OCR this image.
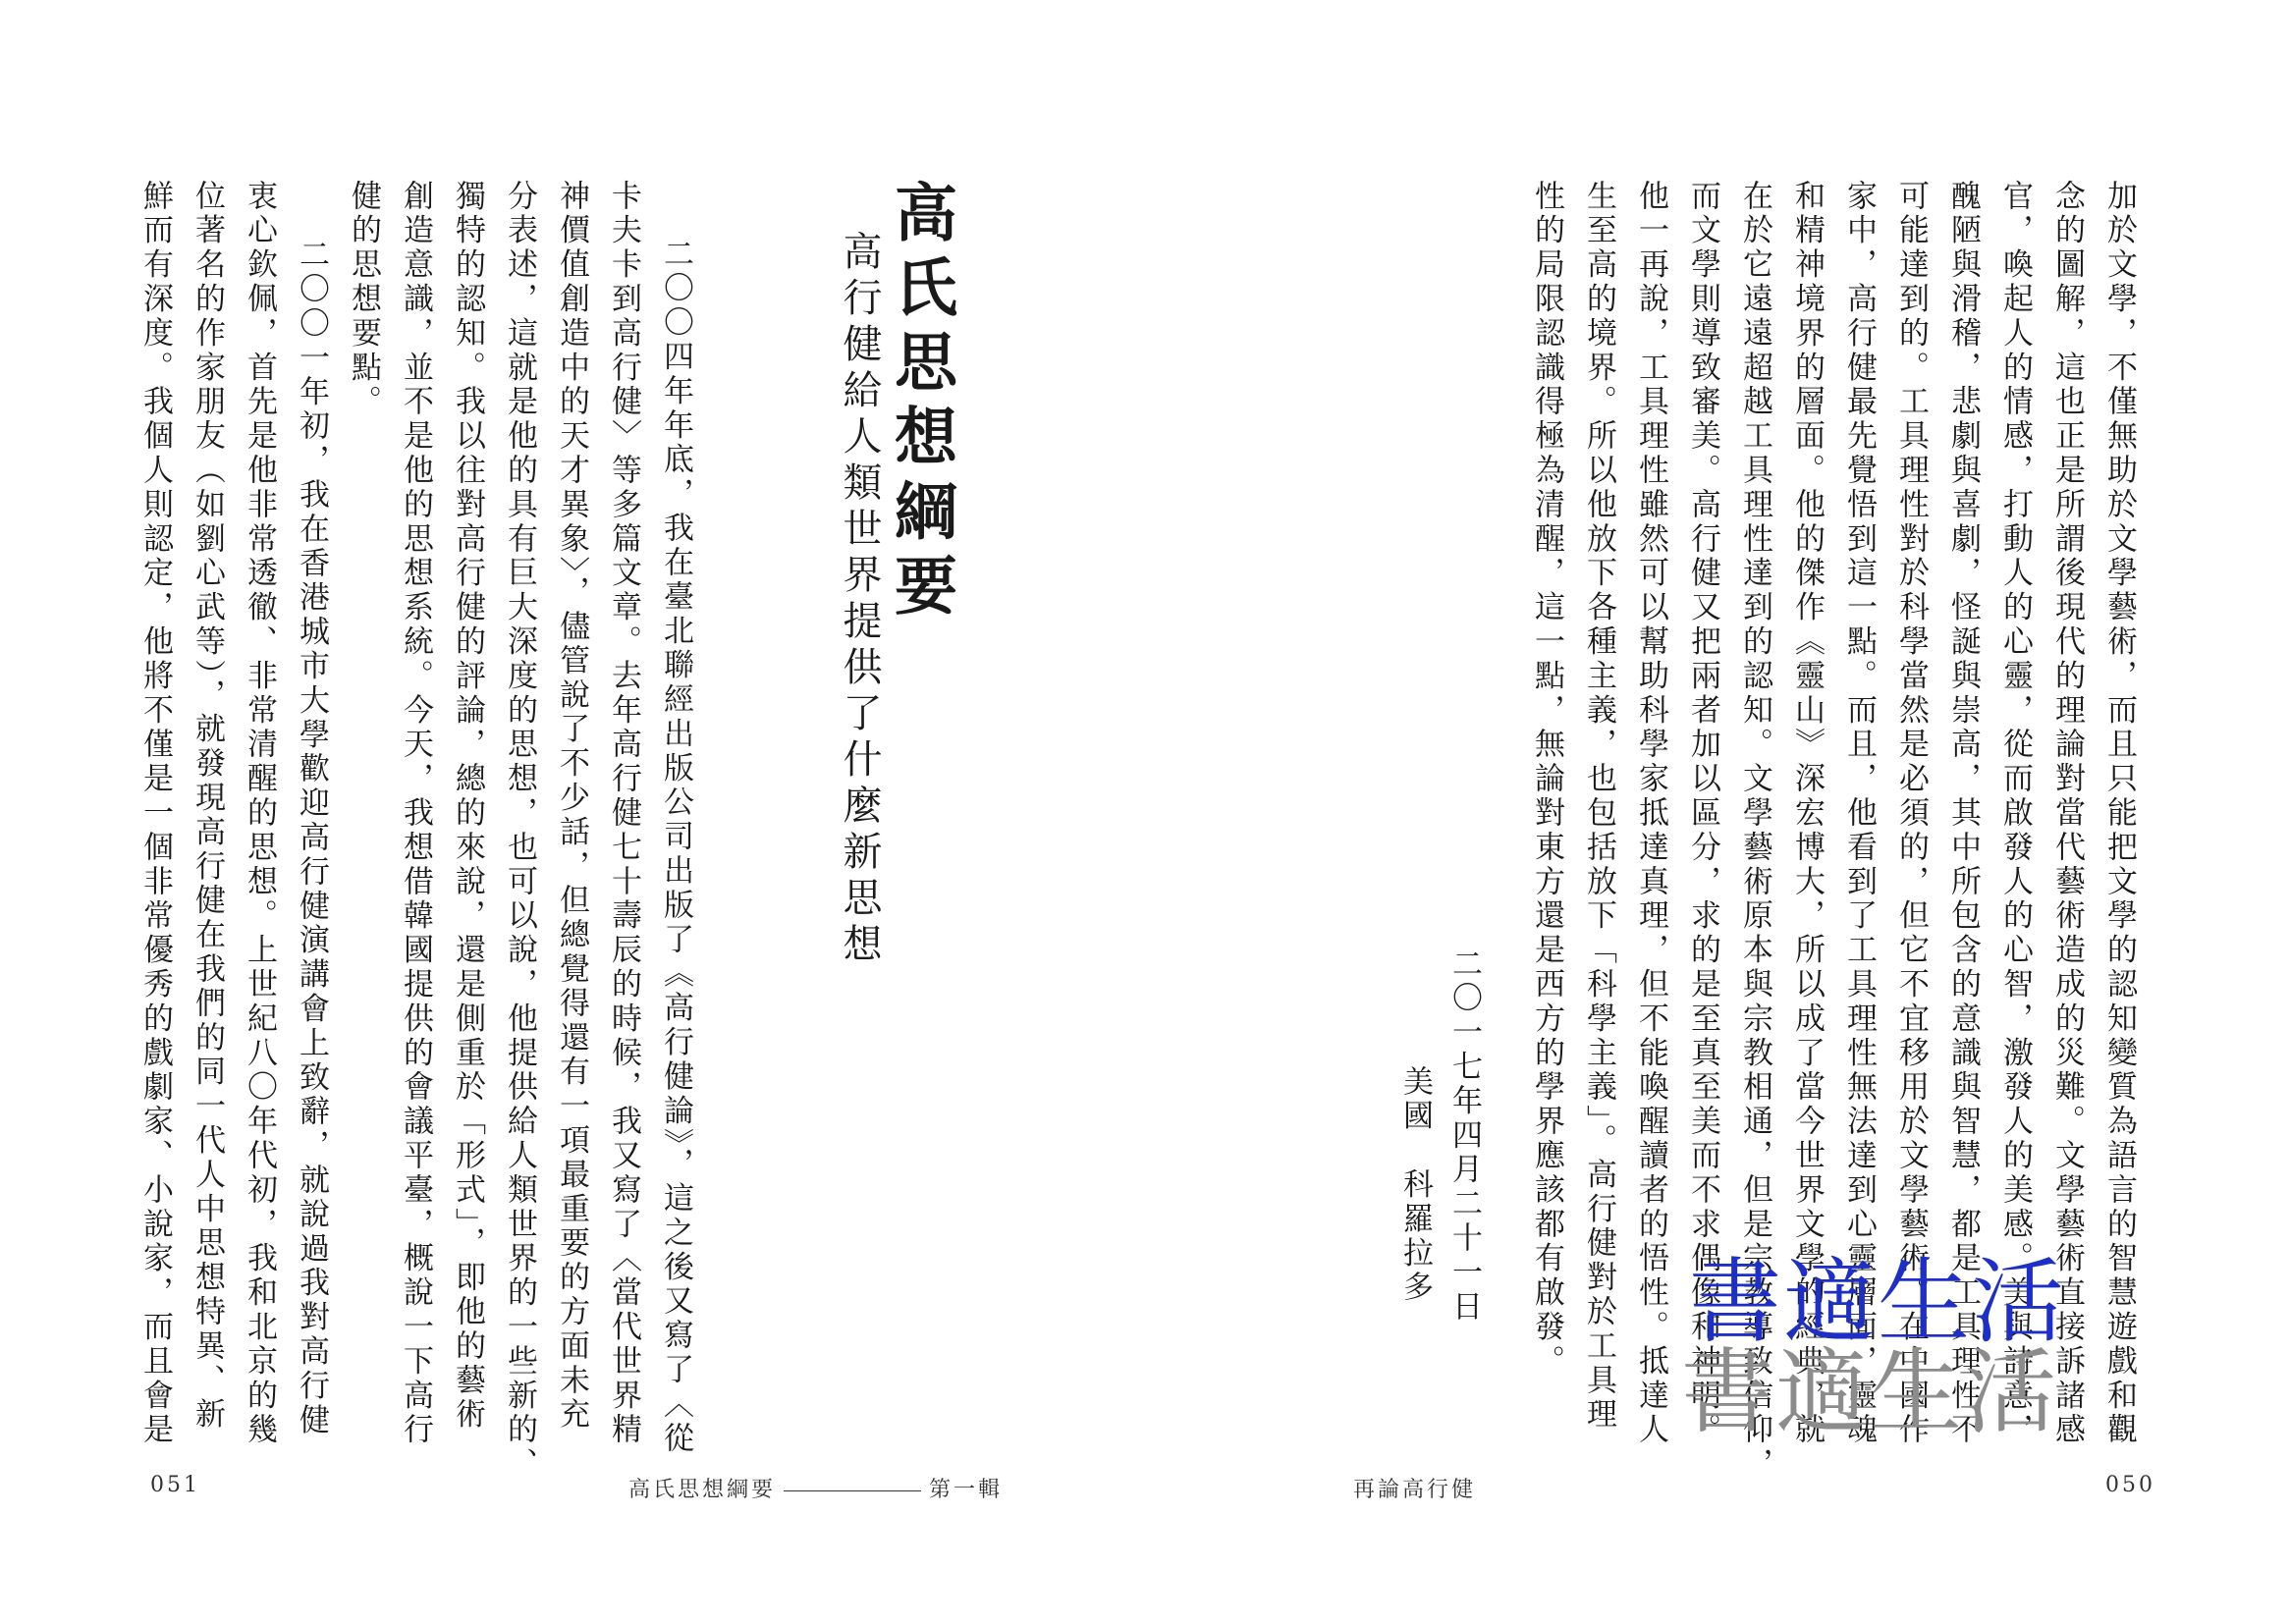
加於文學，不僅無助於文學藝術，而且只能把文學的認知變質為語言的智慧遊戲和觀
念的圖解，這也正是所謂後現代的理論對當代藝術造成的災難。文學藝術直接訴諸感
官，喚起人的情感，打動人的心靈，從而啟發人的心智，激發人的美感。美與詩意，
醜陋與滑稽，悲劇與喜劇，怪誕與崇高，其中所包含的意識與智慧，都是工具理性不
可能達到的。工具理性對於科學當然是必須的，但它不宜移用於文學藝術。在中國作
家中，高行健最先覺悟到這一點。而且，他看到了工具理性無法達到心靈層面，靈魂
和精神境界的層面。他的傑作《靈山》深宏博大，所以成了當今世界文學的經典，就
在於它遠遠超越工具理性達到的認知。文學藝術原本與宗教相通，但是宗教導致信仰，
而文學則導致審美。高行健又把兩者加以區分，求的是至真至美而不求偶像和神明。
他一再說，工具理性雖然可以幫助科學家抵達真理，但不能喚醒讀者的悟性。抵達人
生至高的境界。所以他放下各種主義，也包括放下「科學主義」。高行健對於工具理
性的局限認識得極為清醒，這一點，無論對東方還是西方的學界應該都有啟發。
二〇一七年四月二十一日
美國　科羅拉多
再論高行健	050
高氏思想綱要
高行健給人類世界提供了什麼新思想
二〇〇四年年底，我在臺北聯經出版公司出版了《高行健論》，這之後又寫了〈從
卡夫卡到高行健〉等多篇文章。去年高行健七十壽辰的時候，我又寫了〈當代世界精
神價值創造中的天才異象〉，儘管說了不少話，但總覺得還有一項最重要的方面未充
分表述，這就是他的具有巨大深度的思想，也可以說，他提供給人類世界的一些新的、
獨特的認知。我以往對高行健的評論，總的來說，還是側重於「形式」，即他的藝術
創造意識，並不是他的思想系統。今天，我想借韓國提供的會議平臺，概說一下高行
健的思想要點。
　二〇〇一年初，我在香港城市大學歡迎高行健演講會上致辭，就說過我對高行健
衷心欽佩，首先是他非常透徹、非常清醒的思想。上世紀八〇年代初，我和北京的幾
位著名的作家朋友（如劉心武等），就發現高行健在我們的同一代人中思想特異、新
鮮而有深度。我個人則認定，他將不僅是一個非常優秀的戲劇家、小說家，而且會是
051	高氏思想綱要	第一輯
書適生活
書適生活
